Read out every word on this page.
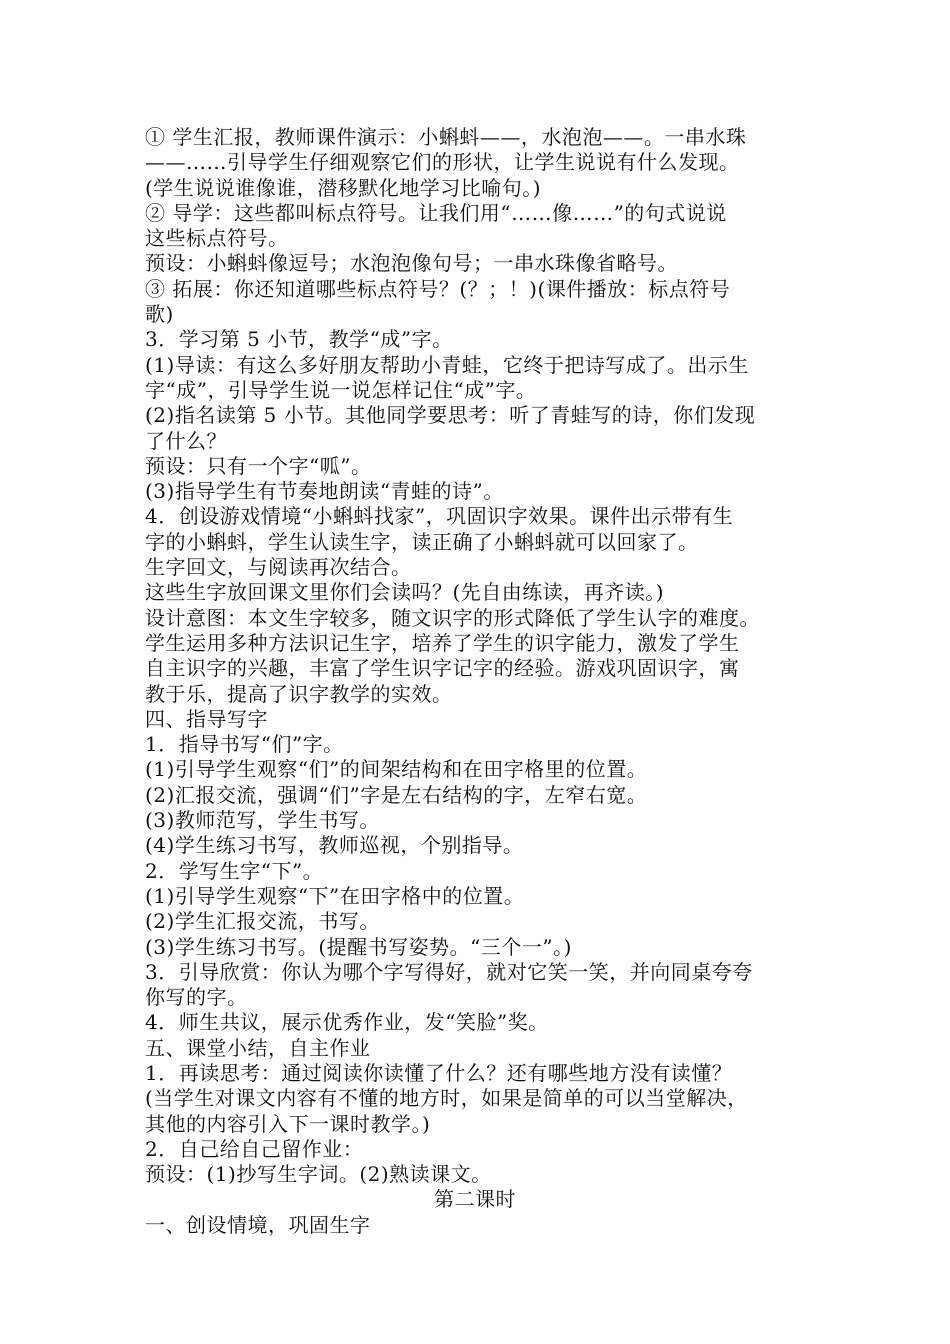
① 学生汇报，教师课件演示：小蝌蚪——，水泡泡——。一串水珠
——……引导学生仔细观察它们的形状，让学生说说有什么发现。
(学生说说谁像谁，潜移默化地学习比喻句。)
② 导学：这些都叫标点符号。让我们用“……像……”的句式说说
这些标点符号。
预设：小蝌蚪像逗号；水泡泡像句号；一串水珠像省略号。
③ 拓展：你还知道哪些标点符号？(？；！)(课件播放：标点符号
歌)
3．学习第 5 小节，教学“成”字。
(1)导读：有这么多好朋友帮助小青蛙，它终于把诗写成了。出示生
字“成”，引导学生说一说怎样记住“成”字。
(2)指名读第 5 小节。其他同学要思考：听了青蛙写的诗，你们发现
了什么？
预设：只有一个字“呱”。
(3)指导学生有节奏地朗读“青蛙的诗”。
4．创设游戏情境“小蝌蚪找家”，巩固识字效果。课件出示带有生
字的小蝌蚪，学生认读生字，读正确了小蝌蚪就可以回家了。
生字回文，与阅读再次结合。
这些生字放回课文里你们会读吗？(先自由练读，再齐读。)
设计意图：本文生字较多，随文识字的形式降低了学生认字的难度。
学生运用多种方法识记生字，培养了学生的识字能力，激发了学生
自主识字的兴趣，丰富了学生识字记字的经验。游戏巩固识字，寓
教于乐，提高了识字教学的实效。
四、指导写字
1．指导书写“们”字。
(1)引导学生观察“们”的间架结构和在田字格里的位置。
(2)汇报交流，强调“们”字是左右结构的字，左窄右宽。
(3)教师范写，学生书写。
(4)学生练习书写，教师巡视，个别指导。
2．学写生字“下”。
(1)引导学生观察“下”在田字格中的位置。
(2)学生汇报交流，书写。
(3)学生练习书写。(提醒书写姿势。“三个一”。)
3．引导欣赏：你认为哪个字写得好，就对它笑一笑，并向同桌夸夸
你写的字。
4．师生共议，展示优秀作业，发“笑脸”奖。
五、课堂小结，自主作业
1．再读思考：通过阅读你读懂了什么？还有哪些地方没有读懂？
(当学生对课文内容有不懂的地方时，如果是简单的可以当堂解决，
其他的内容引入下一课时教学。)
2．自己给自己留作业：
预设：(1)抄写生字词。(2)熟读课文。
第二课时
一、创设情境，巩固生字
